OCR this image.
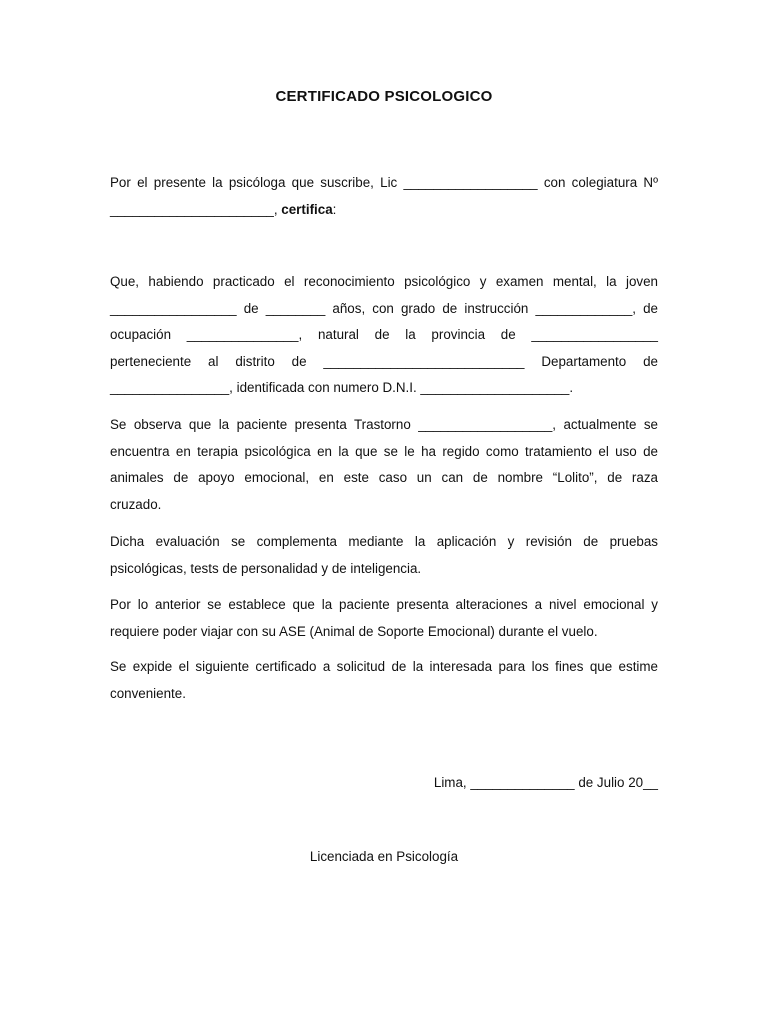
CERTIFICADO PSICOLOGICO
Por el presente la psicóloga que suscribe, Lic __________________ con colegiatura Nº
______________________, certifica:
Que, habiendo practicado el reconocimiento psicológico y examen mental, la joven
_________________ de ________ años, con grado de instrucción _____________, de
ocupación _______________, natural de la provincia de _________________
perteneciente al distrito de ___________________________ Departamento de
________________, identificada con numero D.N.I. ____________________.
Se observa que la paciente presenta Trastorno __________________, actualmente se
encuentra en terapia psicológica en la que se le ha regido como tratamiento el uso de
animales de apoyo emocional, en este caso un can de nombre “Lolito”, de raza
cruzado.
Dicha evaluación se complementa mediante la aplicación y revisión de pruebas
psicológicas, tests de personalidad y de inteligencia.
Por lo anterior se establece que la paciente presenta alteraciones a nivel emocional y
requiere poder viajar con su ASE (Animal de Soporte Emocional) durante el vuelo.
Se expide el siguiente certificado a solicitud de la interesada para los fines que estime
conveniente.
Lima, ______________ de Julio 20__
Licenciada en Psicología
